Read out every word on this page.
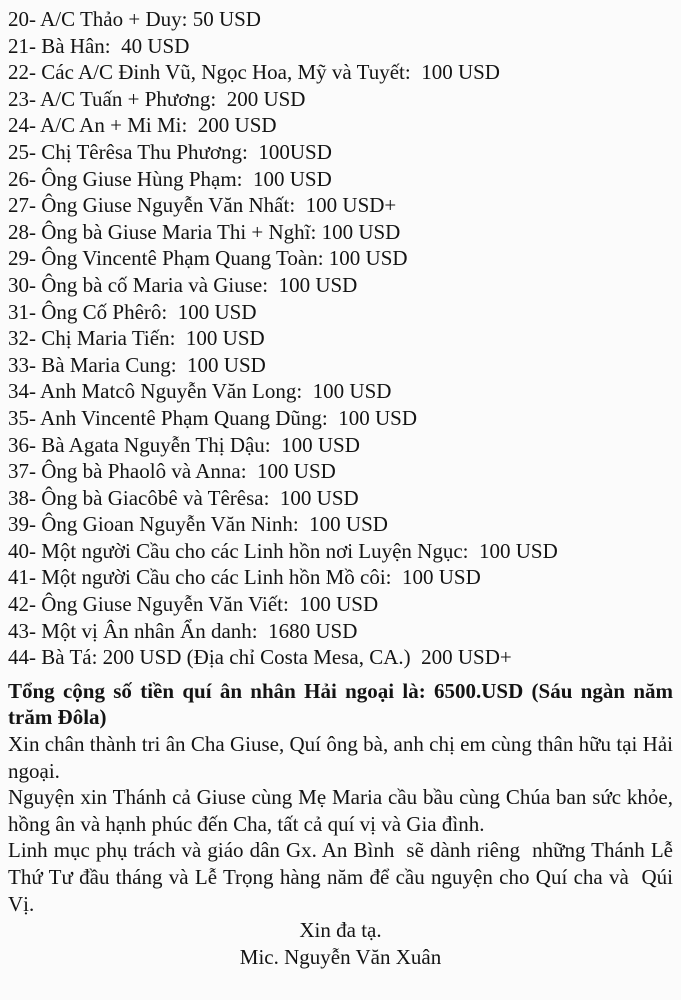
20- A/C Thảo + Duy: 50 USD
21- Bà Hân:  40 USD
22- Các A/C Đinh Vũ, Ngọc Hoa, Mỹ và Tuyết:  100 USD
23- A/C Tuấn + Phương:  200 USD
24- A/C An + Mi Mi:  200 USD
25- Chị Têrêsa Thu Phương:  100USD
26- Ông Giuse Hùng Phạm:  100 USD
27- Ông Giuse Nguyễn Văn Nhất:  100 USD+
28- Ông bà Giuse Maria Thi + Nghĩ: 100 USD
29- Ông Vincentê Phạm Quang Toàn: 100 USD
30- Ông bà cố Maria và Giuse:  100 USD
31- Ông Cố Phêrô:  100 USD
32- Chị Maria Tiến:  100 USD
33- Bà Maria Cung:  100 USD
34- Anh Matcô Nguyễn Văn Long:  100 USD
35- Anh Vincentê Phạm Quang Dũng:  100 USD
36- Bà Agata Nguyễn Thị Dậu:  100 USD
37- Ông bà Phaolô và Anna:  100 USD
38- Ông bà Giacôbê và Têrêsa:  100 USD
39- Ông Gioan Nguyễn Văn Ninh:  100 USD
40- Một người Cầu cho các Linh hồn nơi Luyện Ngục:  100 USD
41- Một người Cầu cho các Linh hồn Mồ côi:  100 USD
42- Ông Giuse Nguyễn Văn Viết:  100 USD
43- Một vị Ân nhân Ẩn danh:  1680 USD
44- Bà Tá: 200 USD (Địa chỉ Costa Mesa, CA.)  200 USD+

Tổng cộng số tiền quí ân nhân Hải ngoại là: 6500.USD (Sáu ngàn năm trăm Đôla)

Xin chân thành tri ân Cha Giuse, Quí ông bà, anh chị em cùng thân hữu tại Hải ngoại.

Nguyện xin Thánh cả Giuse cùng Mẹ Maria cầu bầu cùng Chúa ban sức khỏe, hồng ân và hạnh phúc đến Cha, tất cả quí vị và Gia đình.

Linh mục phụ trách và giáo dân Gx. An Bình  sẽ dành riêng  những Thánh Lễ Thứ Tư đầu tháng và Lễ Trọng hàng năm để cầu nguyện cho Quí cha và  Qúi Vị.

Xin đa tạ.

Mic. Nguyễn Văn Xuân
